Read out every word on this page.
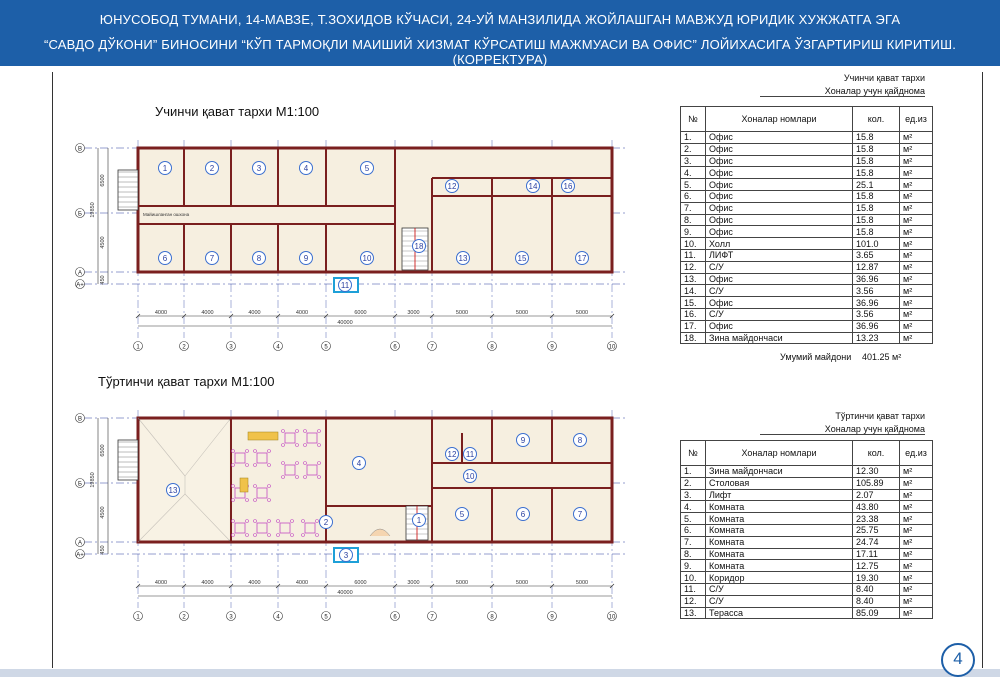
ЮНУСОБОД ТУМАНИ, 14-МАВЗЕ, Т.ЗОХИДОВ КЎЧАСИ, 24-УЙ МАНЗИЛИДА ЖОЙЛАШГАН МАВЖУД ЮРИДИК ХУЖЖАТГА ЭГА
“САВДО ДЎКОНИ” БИНОСИНИ “КЎП ТАРМОҚЛИ МАИШИЙ ХИЗМАТ КЎРСАТИШ МАЖМУАСИ ВА ОФИС” ЛОЙИХАСИГА ЎЗГАРТИРИШ КИРИТИШ. (КОРРЕКТУРА)
Учинчи қават тархи М1:100
Тўртинчи қават тархи М1:100
В
Б
А
А+
6500
4500
19850
450
1	2	3	4	5	6	7	8	9	10
4000	4000	4000	4000	6000	3000	5000	5000	5000
40000
1	2	3	4	5
12	14	16
6	7	8	9	10	13	15	17
11
18
Майишланган ошхона
В
Б
А
А+
6500
4500
19850
450
1	2	3	4	5	6	7	8	9	10
4000	4000	4000	4000	6000	3000	5000	5000	5000
40000
13
2
3
4
1
9	8
12 11
10
5	6	7
Учинчи қават тархи
Хоналар учун қайднома
№	Хоналар номлари	кол.	ед.из
1.	Офис	15.8	м²
2.	Офис	15.8	м²
3.	Офис	15.8	м²
4.	Офис	15.8	м²
5.	Офис	25.1	м²
6.	Офис	15.8	м²
7.	Офис	15.8	м²
8.	Офис	15.8	м²
9.	Офис	15.8	м²
10.	Холл	101.0	м²
11.	ЛИФТ	3.65	м²
12.	С/У	12.87	м²
13.	Офис	36.96	м²
14.	С/У	3.56	м²
15.	Офис	36.96	м²
16.	С/У	3.56	м²
17.	Офис	36.96	м²
18.	Зина майдончаси	13.23	м²
Умумий майдони 401.25 м²
Тўртинчи қават тархи
Хоналар учун қайднома
№	Хоналар номлари	кол.	ед.из
1.	Зина майдончаси	12.30	м²
2.	Столовая	105.89	м²
3.	Лифт	2.07	м²
4.	Комната	43.80	м²
5.	Комната	23.38	м²
6.	Комната	25.75	м²
7.	Комната	24.74	м²
8.	Комната	17.11	м²
9.	Комната	12.75	м²
10.	Коридор	19.30	м²
11.	С/У	8.40	м²
12.	С/У	8.40	м²
13.	Терасса	85.09	м²
4
